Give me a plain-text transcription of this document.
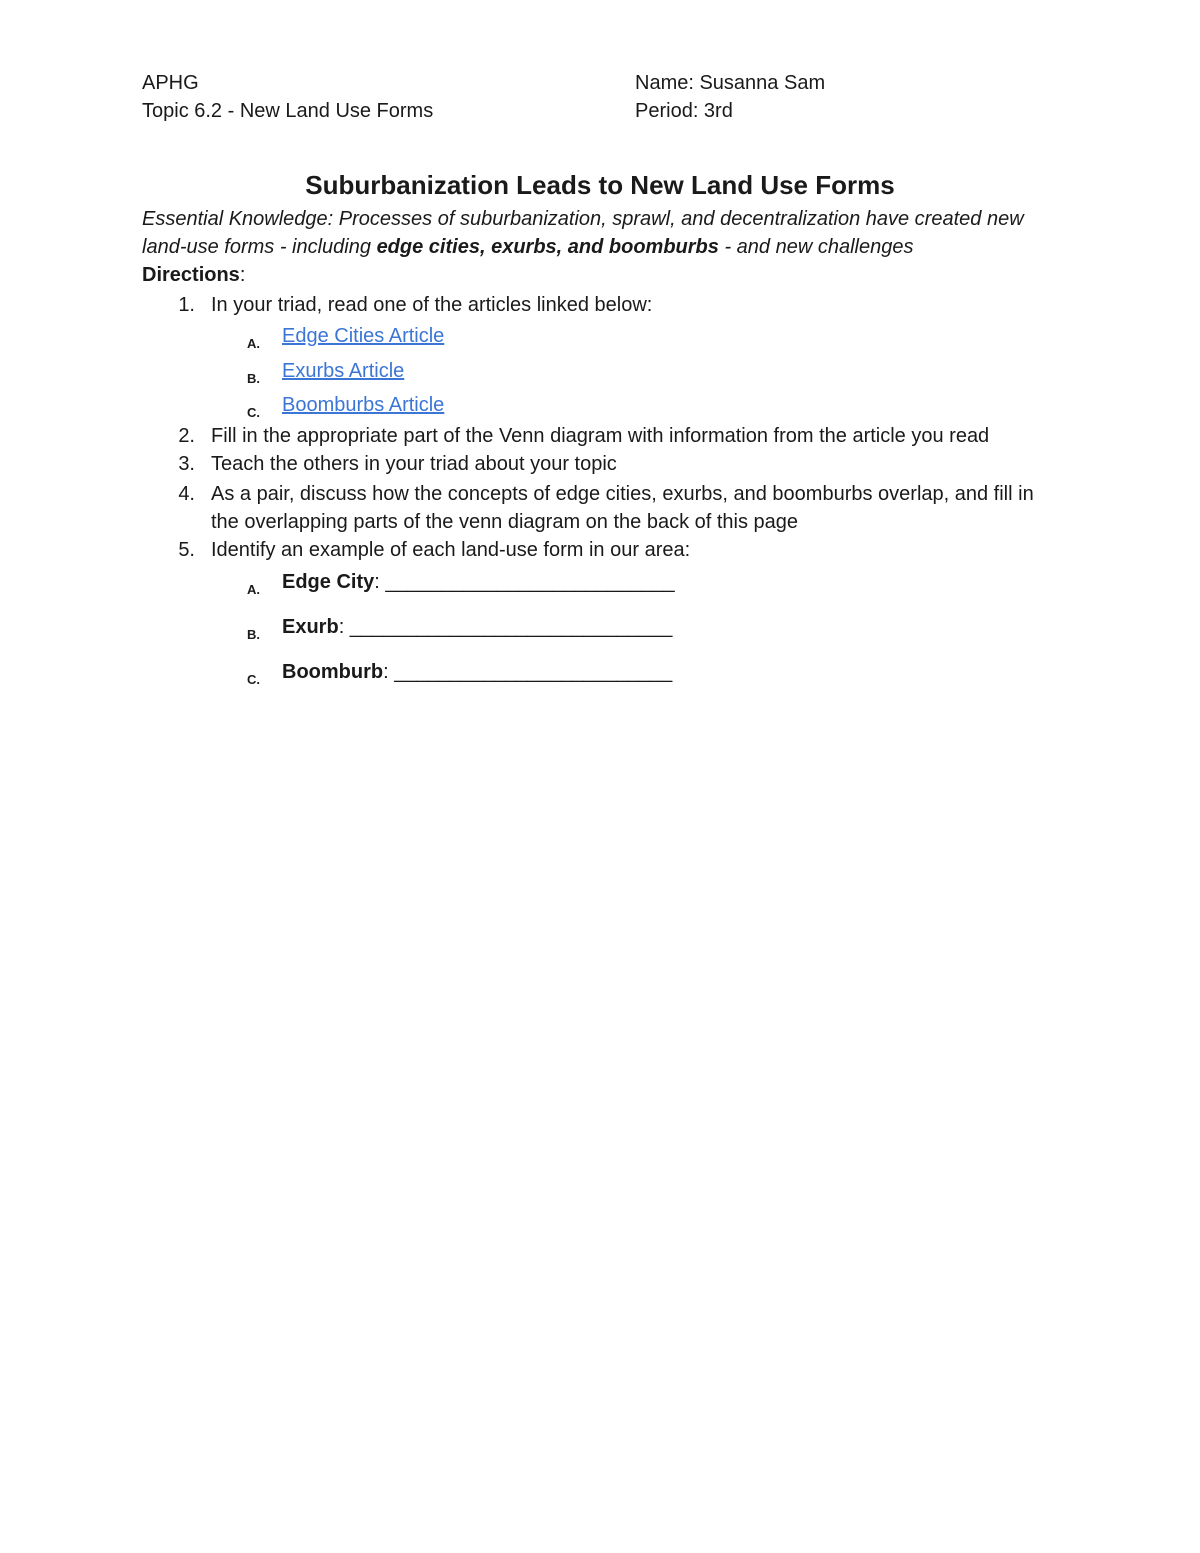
APHG
Topic 6.2 - New Land Use Forms
Name: Susanna Sam
Period: 3rd
Suburbanization Leads to New Land Use Forms
Essential Knowledge: Processes of suburbanization, sprawl, and decentralization have created new land-use forms - including edge cities, exurbs, and boomburbs - and new challenges
Directions:
1. In your triad, read one of the articles linked below:
A. Edge Cities Article
B. Exurbs Article
C. Boomburbs Article
2. Fill in the appropriate part of the Venn diagram with information from the article you read
3. Teach the others in your triad about your topic
4. As a pair, discuss how the concepts of edge cities, exurbs, and boomburbs overlap, and fill in the overlapping parts of the venn diagram on the back of this page
5. Identify an example of each land-use form in our area:
A. Edge City: __________________________
B. Exurb: _____________________________
C. Boomburb: _________________________
